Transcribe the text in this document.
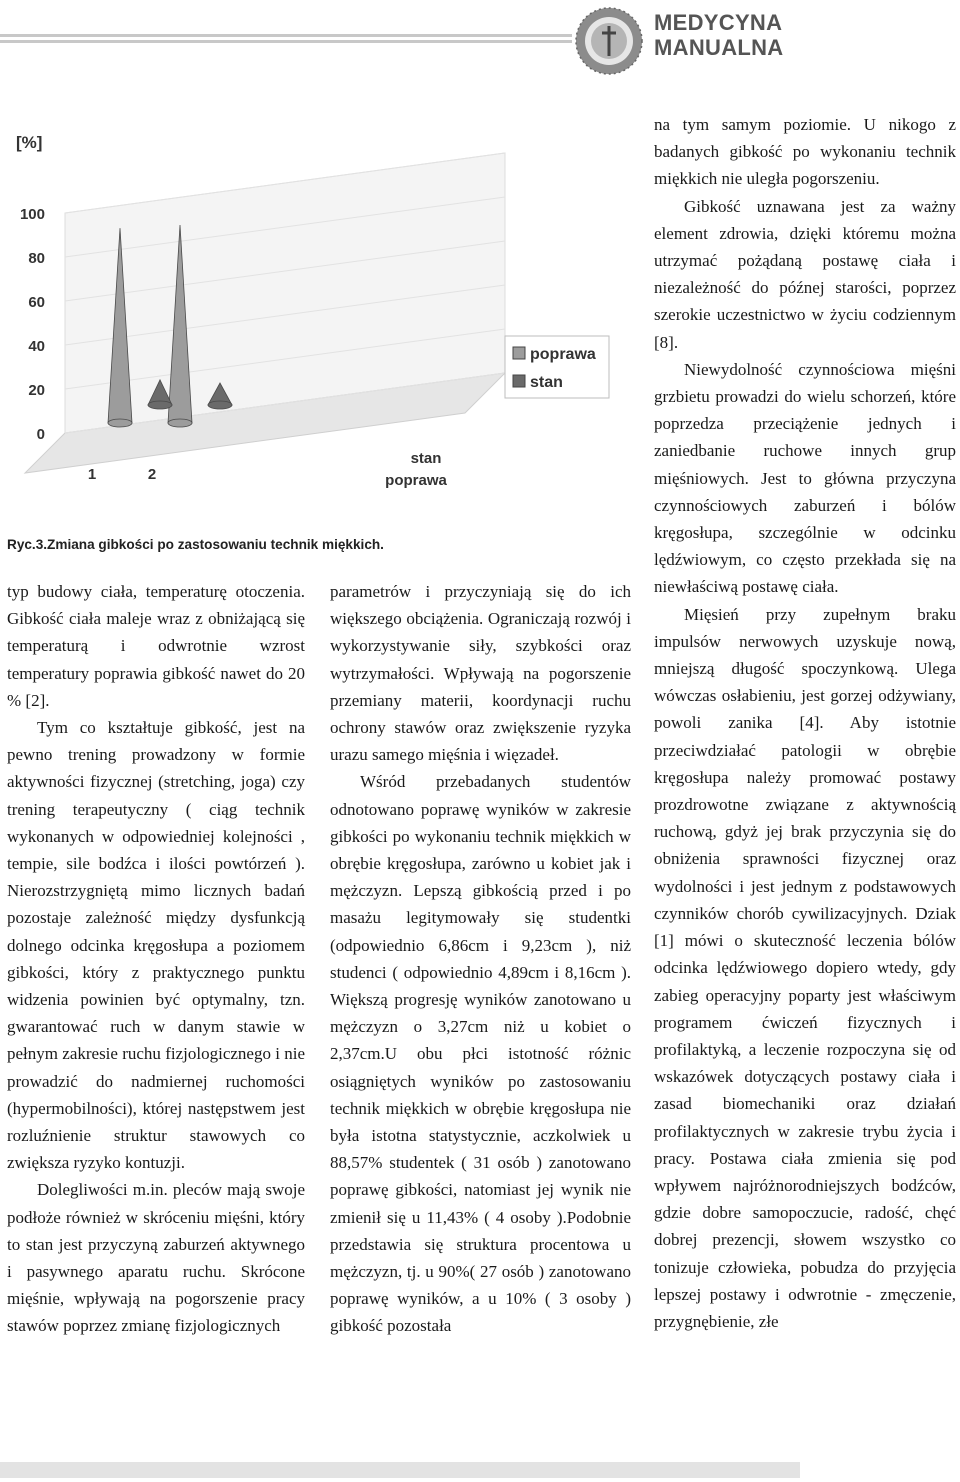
MEDYCYNA
MANUALNA
[%]
0
20
40
60
80
100
1	2
stan
poprawa
poprawa
stan
Ryc.3.Zmiana gibkości po zastosowaniu technik miękkich.

typ budowy ciała, temperaturę otoczenia. Gibkość ciała maleje wraz z obniżającą się temperaturą i odwrotnie wzrost temperatury poprawia gibkość nawet do 20 % [2].

Tym co kształtuje gibkość, jest na pewno trening prowadzony w formie aktywności fizycznej (stretching, joga) czy trening terapeutyczny ( ciąg technik wykonanych w odpowiedniej kolejności , tempie, sile bodźca i ilości powtórzeń ). Nierozstrzygniętą mimo licznych badań pozostaje zależność między dysfunkcją dolnego odcinka kręgosłupa a poziomem gibkości, który z praktycznego punktu widzenia powinien być optymalny, tzn. gwarantować ruch w danym stawie w pełnym zakresie ruchu fizjologicznego i nie prowadzić do nadmiernej ruchomości (hypermobilności), której następstwem jest rozluźnienie struktur stawowych co zwiększa ryzyko kontuzji.

Dolegliwości m.in. pleców mają swoje podłoże również w skróceniu mięśni, który to stan jest przyczyną zaburzeń aktywnego i pasywnego aparatu ruchu. Skrócone mięśnie, wpływają na pogorszenie pracy stawów poprzez zmianę fizjologicznych

parametrów i przyczyniają się do ich większego obciążenia. Ograniczają rozwój i wykorzystywanie siły, szybkości oraz wytrzymałości. Wpływają na pogorszenie przemiany materii, koordynacji ruchu ochrony stawów oraz zwiększenie ryzyka urazu samego mięśnia i więzadeł.

Wśród przebadanych studentów odnotowano poprawę wyników w zakresie gibkości po wykonaniu technik miękkich w obrębie kręgosłupa, zarówno u kobiet jak i mężczyzn. Lepszą gibkością przed i po masażu legitymowały się studentki (odpowiednio 6,86cm i 9,23cm ), niż studenci ( odpowiednio 4,89cm i 8,16cm ). Większą progresję wyników zanotowano u mężczyzn o 3,27cm niż u kobiet o 2,37cm.U obu płci istotność różnic osiągniętych wyników po zastosowaniu technik miękkich w obrębie kręgosłupa nie była istotna statystycznie, aczkolwiek u 88,57% studentek ( 31 osób ) zanotowano poprawę gibkości, natomiast jej wynik nie zmienił się u 11,43% ( 4 osoby ).Podobnie przedstawia się struktura procentowa u mężczyzn, tj. u 90%( 27 osób ) zanotowano poprawę wyników, a u 10% ( 3 osoby ) gibkość pozostała

na tym samym poziomie. U nikogo z badanych gibkość po wykonaniu technik miękkich nie uległa pogorszeniu.

Gibkość uznawana jest za ważny element zdrowia, dzięki któremu można utrzymać pożądaną postawę ciała i niezależność do późnej starości, poprzez szerokie uczestnictwo w życiu codziennym [8].

Niewydolność czynnościowa mięśni grzbietu prowadzi do wielu schorzeń, które poprzedza przeciążenie jednych i zaniedbanie ruchowe innych grup mięśniowych. Jest to główna przyczyna czynnościowych zaburzeń i bólów kręgosłupa, szczególnie w odcinku lędźwiowym, co często przekłada się na niewłaściwą postawę ciała.

Mięsień przy zupełnym braku impulsów nerwowych uzyskuje nową, mniejszą długość spoczynkową. Ulega wówczas osłabieniu, jest gorzej odżywiany, powoli zanika [4]. Aby istotnie przeciwdziałać patologii w obrębie kręgosłupa należy promować postawy prozdrowotne związane z aktywnością ruchową, gdyż jej brak przyczynia się do obniżenia sprawności fizycznej oraz wydolności i jest jednym z podstawowych czynników chorób cywilizacyjnych. Dziak [1] mówi o skuteczność leczenia bólów odcinka lędźwiowego dopiero wtedy, gdy zabieg operacyjny poparty jest właściwym programem ćwiczeń fizycznych i profilaktyką, a leczenie rozpoczyna się od wskazówek dotyczących postawy ciała i zasad biomechaniki oraz działań profilaktycznych w zakresie trybu życia i pracy. Postawa ciała zmienia się pod wpływem najróżnorodniejszych bodźców, gdzie dobre samopoczucie, radość, chęć dobrej prezencji, słowem wszystko co tonizuje człowieka, pobudza do przyjęcia lepszej postawy i odwrotnie - zmęczenie, przygnębienie, złe
